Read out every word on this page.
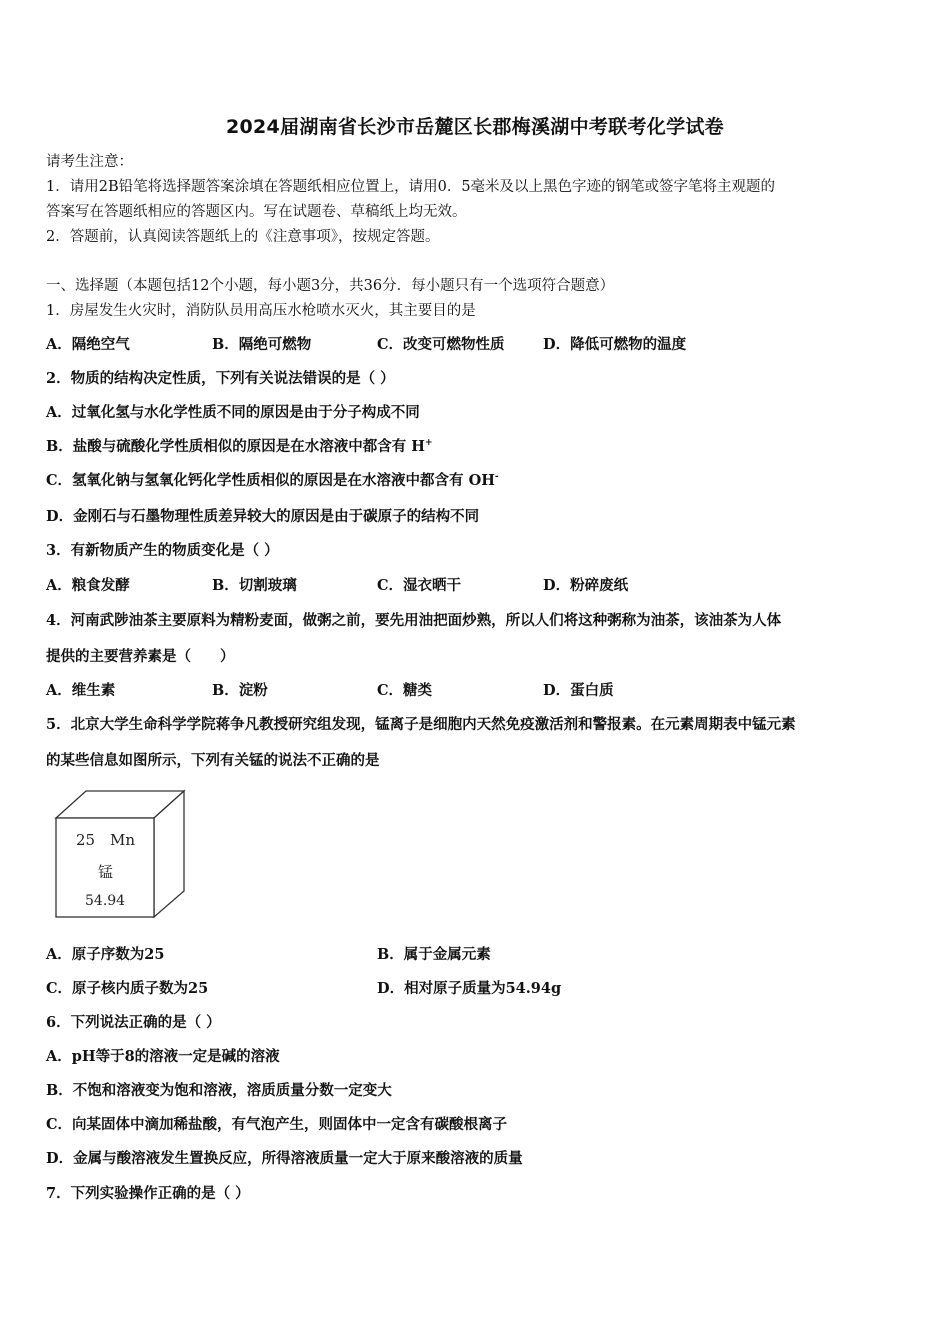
2024届湖南省长沙市岳麓区长郡梅溪湖中考联考化学试卷
请考生注意：
1．请用2B铅笔将选择题答案涂填在答题纸相应位置上，请用0．5毫米及以上黑色字迹的钢笔或签字笔将主观题的
答案写在答题纸相应的答题区内。写在试题卷、草稿纸上均无效。
2．答题前，认真阅读答题纸上的《注意事项》，按规定答题。
一、选择题（本题包括12个小题，每小题3分，共36分．每小题只有一个选项符合题意）
1．房屋发生火灾时，消防队员用高压水枪喷水灭火，其主要目的是
A．隔绝空气	B．隔绝可燃物	C．改变可燃物性质	D．降低可燃物的温度
2．物质的结构决定性质，下列有关说法错误的是（ ）
A．过氧化氢与水化学性质不同的原因是由于分子构成不同
B．盐酸与硫酸化学性质相似的原因是在水溶液中都含有 H+
C．氢氧化钠与氢氧化钙化学性质相似的原因是在水溶液中都含有 OH-
D．金刚石与石墨物理性质差异较大的原因是由于碳原子的结构不同
3．有新物质产生的物质变化是（ ）
A．粮食发酵	B．切割玻璃	C．湿衣晒干	D．粉碎废纸
4．河南武陟油茶主要原料为精粉麦面，做粥之前，要先用油把面炒熟，所以人们将这种粥称为油茶，该油茶为人体
提供的主要营养素是（　　）
A．维生素	B．淀粉	C．糖类	D．蛋白质
5．北京大学生命科学学院蒋争凡教授研究组发现，锰离子是细胞内天然免疫激活剂和警报素。在元素周期表中锰元素
的某些信息如图所示，下列有关锰的说法不正确的是
25 Mn
锰
54.94
A．原子序数为25	B．属于金属元素
C．原子核内质子数为25	D．相对原子质量为54.94g
6．下列说法正确的是（ ）
A．pH等于8的溶液一定是碱的溶液
B．不饱和溶液变为饱和溶液，溶质质量分数一定变大
C．向某固体中滴加稀盐酸，有气泡产生，则固体中一定含有碳酸根离子
D．金属与酸溶液发生置换反应，所得溶液质量一定大于原来酸溶液的质量
7．下列实验操作正确的是（ ）
